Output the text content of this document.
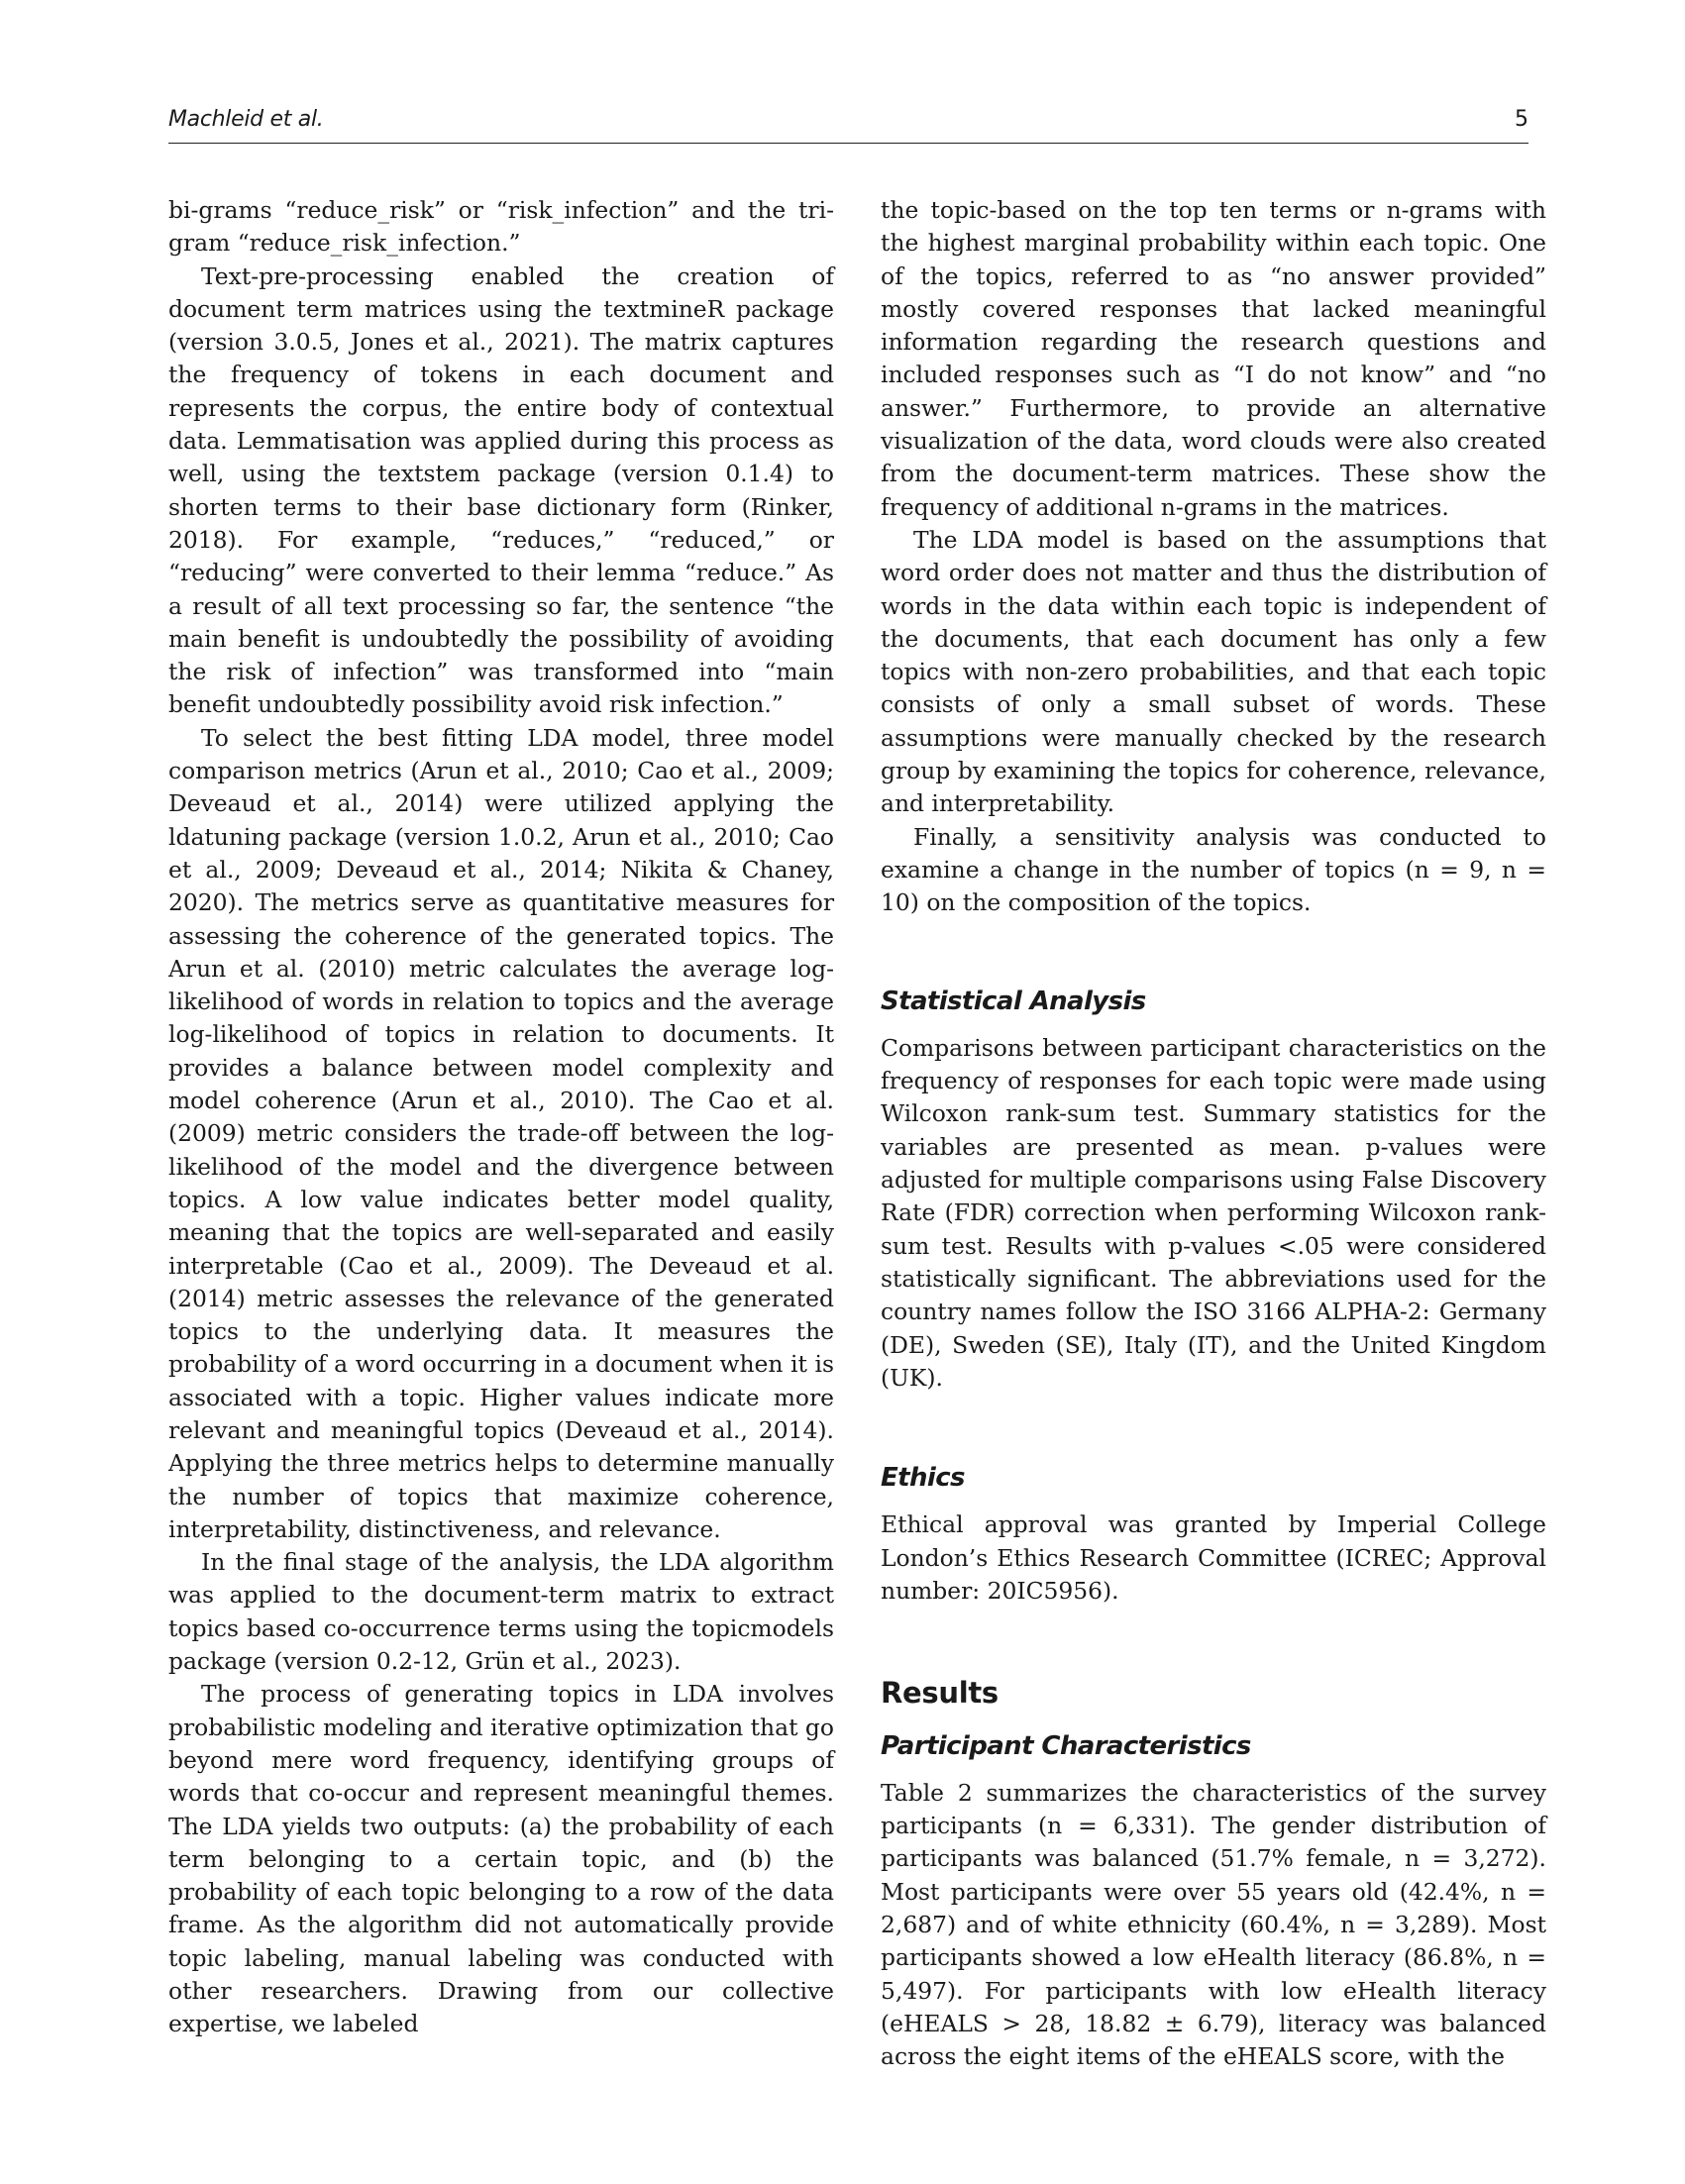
Machleid et al.	5

bi-grams “reduce_risk” or “risk_infection” and the tri-gram “reduce_risk_infection.”

Text-pre-processing enabled the creation of document term matrices using the textmineR package (version 3.0.5, Jones et al., 2021). The matrix captures the frequency of tokens in each document and represents the corpus, the entire body of contextual data. Lemmatisation was applied during this process as well, using the textstem package (version 0.1.4) to shorten terms to their base dictionary form (Rinker, 2018). For example, “reduces,” “reduced,” or “reducing” were converted to their lemma “reduce.” As a result of all text processing so far, the sentence “the main benefit is undoubtedly the possibility of avoiding the risk of infection” was transformed into “main benefit undoubtedly possibility avoid risk infection.”

To select the best fitting LDA model, three model comparison metrics (Arun et al., 2010; Cao et al., 2009; Deveaud et al., 2014) were utilized applying the ldatuning package (version 1.0.2, Arun et al., 2010; Cao et al., 2009; Deveaud et al., 2014; Nikita & Chaney, 2020). The metrics serve as quantitative measures for assessing the coherence of the generated topics. The Arun et al. (2010) metric calculates the average log-likelihood of words in relation to topics and the average log-likelihood of topics in relation to documents. It provides a balance between model complexity and model coherence (Arun et al., 2010). The Cao et al. (2009) metric considers the trade-off between the log-likelihood of the model and the divergence between topics. A low value indicates better model quality, meaning that the topics are well-separated and easily interpretable (Cao et al., 2009). The Deveaud et al. (2014) metric assesses the relevance of the generated topics to the underlying data. It measures the probability of a word occurring in a document when it is associated with a topic. Higher values indicate more relevant and meaningful topics (Deveaud et al., 2014). Applying the three metrics helps to determine manually the number of topics that maximize coherence, interpretability, distinctiveness, and relevance.

In the final stage of the analysis, the LDA algorithm was applied to the document-term matrix to extract topics based co-occurrence terms using the topicmodels package (version 0.2-12, Grün et al., 2023).

The process of generating topics in LDA involves probabilistic modeling and iterative optimization that go beyond mere word frequency, identifying groups of words that co-occur and represent meaningful themes. The LDA yields two outputs: (a) the probability of each term belonging to a certain topic, and (b) the probability of each topic belonging to a row of the data frame. As the algorithm did not automatically provide topic labeling, manual labeling was conducted with other researchers. Drawing from our collective expertise, we labeled

the topic-based on the top ten terms or n-grams with the highest marginal probability within each topic. One of the topics, referred to as “no answer provided” mostly covered responses that lacked meaningful information regarding the research questions and included responses such as “I do not know” and “no answer.” Furthermore, to provide an alternative visualization of the data, word clouds were also created from the document-term matrices. These show the frequency of additional n-grams in the matrices.

The LDA model is based on the assumptions that word order does not matter and thus the distribution of words in the data within each topic is independent of the documents, that each document has only a few topics with non-zero probabilities, and that each topic consists of only a small subset of words. These assumptions were manually checked by the research group by examining the topics for coherence, relevance, and interpretability.

Finally, a sensitivity analysis was conducted to examine a change in the number of topics (n = 9, n = 10) on the composition of the topics.

Statistical Analysis

Comparisons between participant characteristics on the frequency of responses for each topic were made using Wilcoxon rank-sum test. Summary statistics for the variables are presented as mean. p-values were adjusted for multiple comparisons using False Discovery Rate (FDR) correction when performing Wilcoxon rank-sum test. Results with p-values <.05 were considered statistically significant. The abbreviations used for the country names follow the ISO 3166 ALPHA-2: Germany (DE), Sweden (SE), Italy (IT), and the United Kingdom (UK).

Ethics

Ethical approval was granted by Imperial College London’s Ethics Research Committee (ICREC; Approval number: 20IC5956).

Results
Participant Characteristics

Table 2 summarizes the characteristics of the survey participants (n = 6,331). The gender distribution of participants was balanced (51.7% female, n = 3,272). Most participants were over 55 years old (42.4%, n = 2,687) and of white ethnicity (60.4%, n = 3,289). Most participants showed a low eHealth literacy (86.8%, n = 5,497). For participants with low eHealth literacy (eHEALS > 28, 18.82 ± 6.79), literacy was balanced across the eight items of the eHEALS score, with the
